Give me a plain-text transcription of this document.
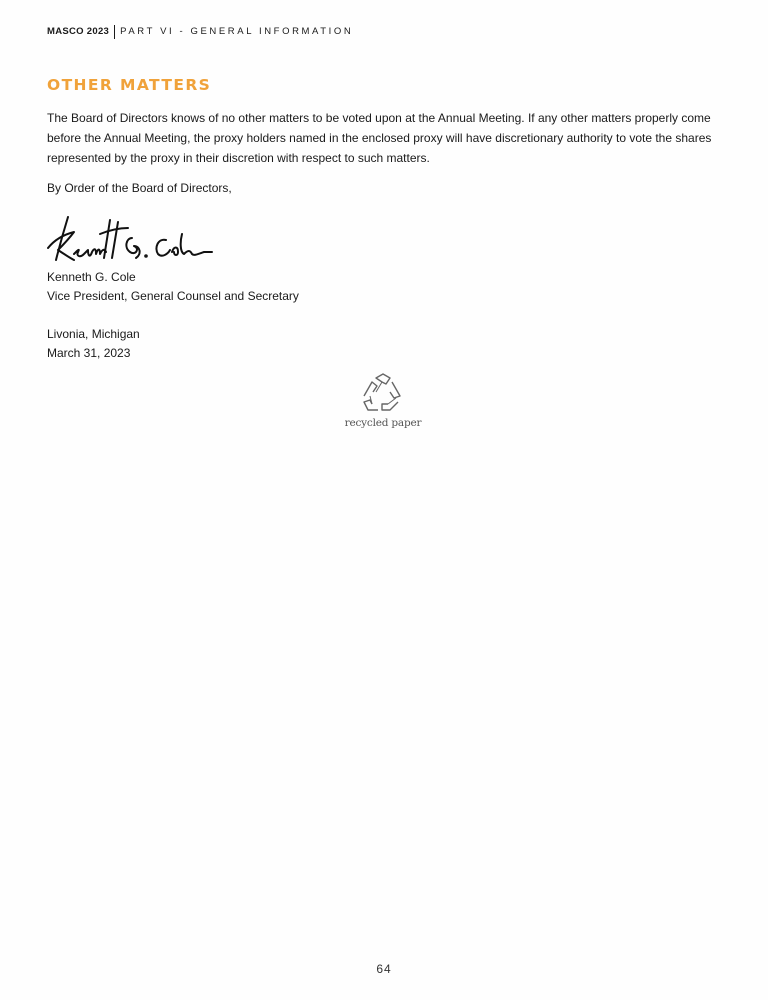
MASCO 2023 PART VI - GENERAL INFORMATION
OTHER MATTERS

The Board of Directors knows of no other matters to be voted upon at the Annual Meeting. If any other matters properly come before the Annual Meeting, the proxy holders named in the enclosed proxy will have discretionary authority to vote the shares represented by the proxy in their discretion with respect to such matters.

By Order of the Board of Directors,

Kenneth G. Cole
Vice President, General Counsel and Secretary
Livonia, Michigan
March 31, 2023
recycled paper
64
